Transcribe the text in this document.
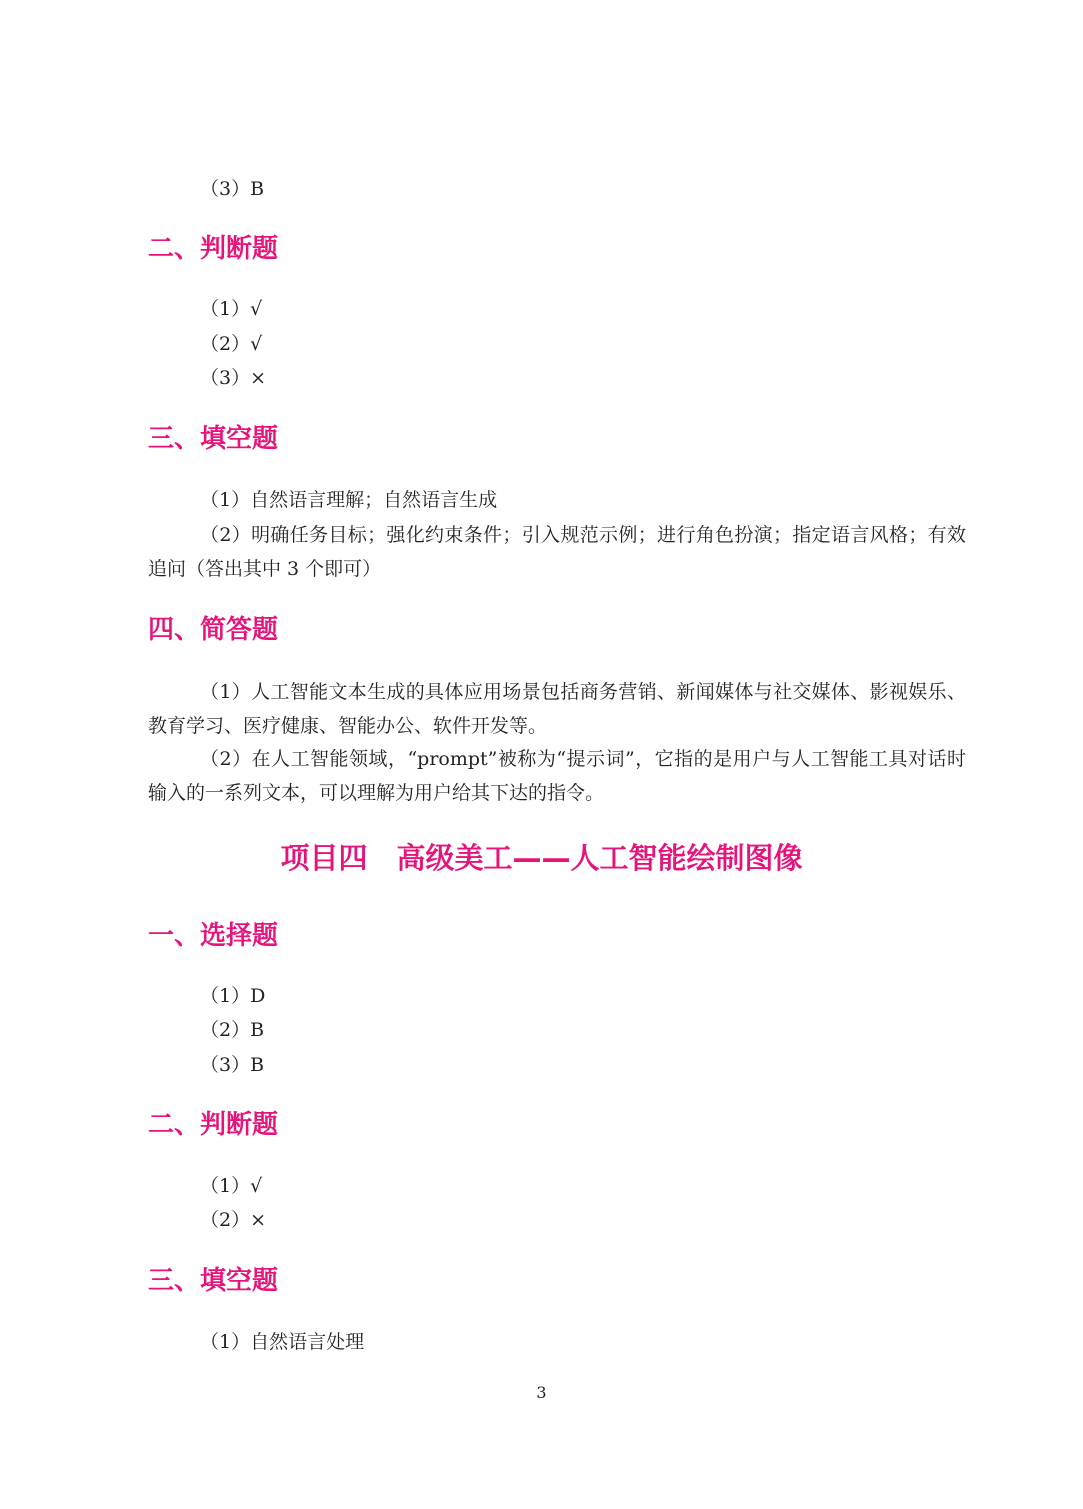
（3）B
二、判断题
（1）√
（2）√
（3）×
三、填空题
（1）自然语言理解；自然语言生成
（2）明确任务目标；强化约束条件；引入规范示例；进行角色扮演；指定语言风格；有效追问（答出其中 3 个即可）
四、简答题
（1）人工智能文本生成的具体应用场景包括商务营销、新闻媒体与社交媒体、影视娱乐、教育学习、医疗健康、智能办公、软件开发等。
（2）在人工智能领域，“prompt”被称为“提示词”，它指的是用户与人工智能工具对话时输入的一系列文本，可以理解为用户给其下达的指令。
项目四　高级美工——人工智能绘制图像
一、选择题
（1）D
（2）B
（3）B
二、判断题
（1）√
（2）×
三、填空题
（1）自然语言处理
3
